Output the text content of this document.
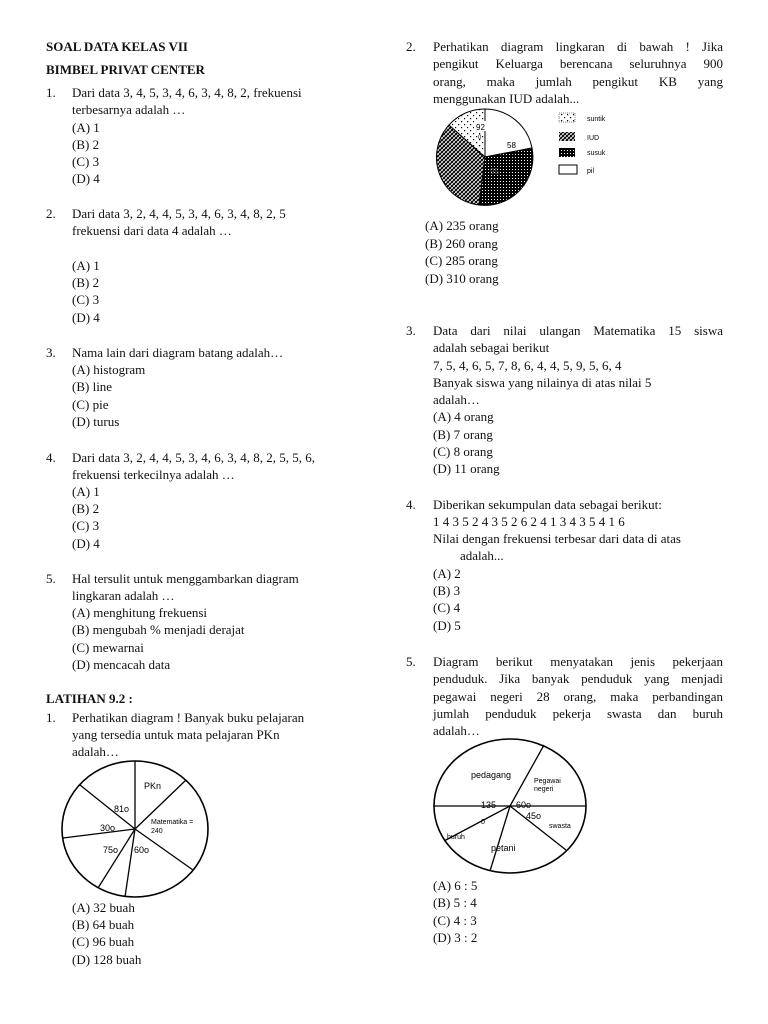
SOAL DATA KELAS VII
BIMBEL PRIVAT CENTER
1. Dari data 3, 4, 5, 3, 4, 6, 3, 4, 8, 2, frekuensi
terbesarnya adalah …
(A) 1
(B) 2
(C) 3
(D) 4
2. Dari data 3, 2, 4, 4, 5, 3, 4, 6, 3, 4, 8, 2, 5
frekuensi dari data 4 adalah …
(A) 1
(B) 2
(C) 3
(D) 4
3. Nama lain dari diagram batang adalah…
(A) histogram
(B) line
(C) pie
(D) turus
4. Dari data 3, 2, 4, 4, 5, 3, 4, 6, 3, 4, 8, 2, 5, 5, 6,
frekuensi terkecilnya adalah …
(A) 1
(B) 2
(C) 3
(D) 4
5. Hal tersulit untuk menggambarkan diagram
lingkaran adalah …
(A) menghitung frekuensi
(B) mengubah % menjadi derajat
(C) mewarnai
(D) mencacah data
LATIHAN 9.2 :
1. Perhatikan diagram ! Banyak buku pelajaran
yang tersedia untuk mata pelajaran PKn
adalah…
PKn
81o
30o
75o 60o
Matematika =
240
(A) 32 buah
(B) 64 buah
(C) 96 buah
(D) 128 buah
2. Perhatikan diagram lingkaran di bawah ! Jika
pengikut Keluarga berencana seluruhnya 900
orang, maka jumlah pengikut KB yang
menggunakan IUD adalah...
92
0
58
0
95
suntik
IUD
susuk
pil
(A) 235 orang
(B) 260 orang
(C) 285 orang
(D) 310 orang
3. Data dari nilai ulangan Matematika 15 siswa
adalah sebagai berikut
7, 5, 4, 6, 5, 7, 8, 6, 4, 4, 5, 9, 5, 6, 4
Banyak siswa yang nilainya di atas nilai 5
adalah…
(A) 4 orang
(B) 7 orang
(C) 8 orang
(D) 11 orang
4. Diberikan sekumpulan data sebagai berikut:
1 4 3 5 2 4 3 5 2 6 2 4 1 3 4 3 5 4 1 6
Nilai dengan frekuensi terbesar dari data di atas
adalah...
(A) 2
(B) 3
(C) 4
(D) 5
5. Diagram berikut menyatakan jenis pekerjaan
penduduk. Jika banyak penduduk yang menjadi
pegawai negeri 28 orang, maka perbandingan
jumlah penduduk pekerja swasta dan buruh
adalah…
pedagang
Pegawai
negeri
135
0
60o
45o
swasta
buruh
petani
(A) 6 : 5
(B) 5 : 4
(C) 4 : 3
(D) 3 : 2
